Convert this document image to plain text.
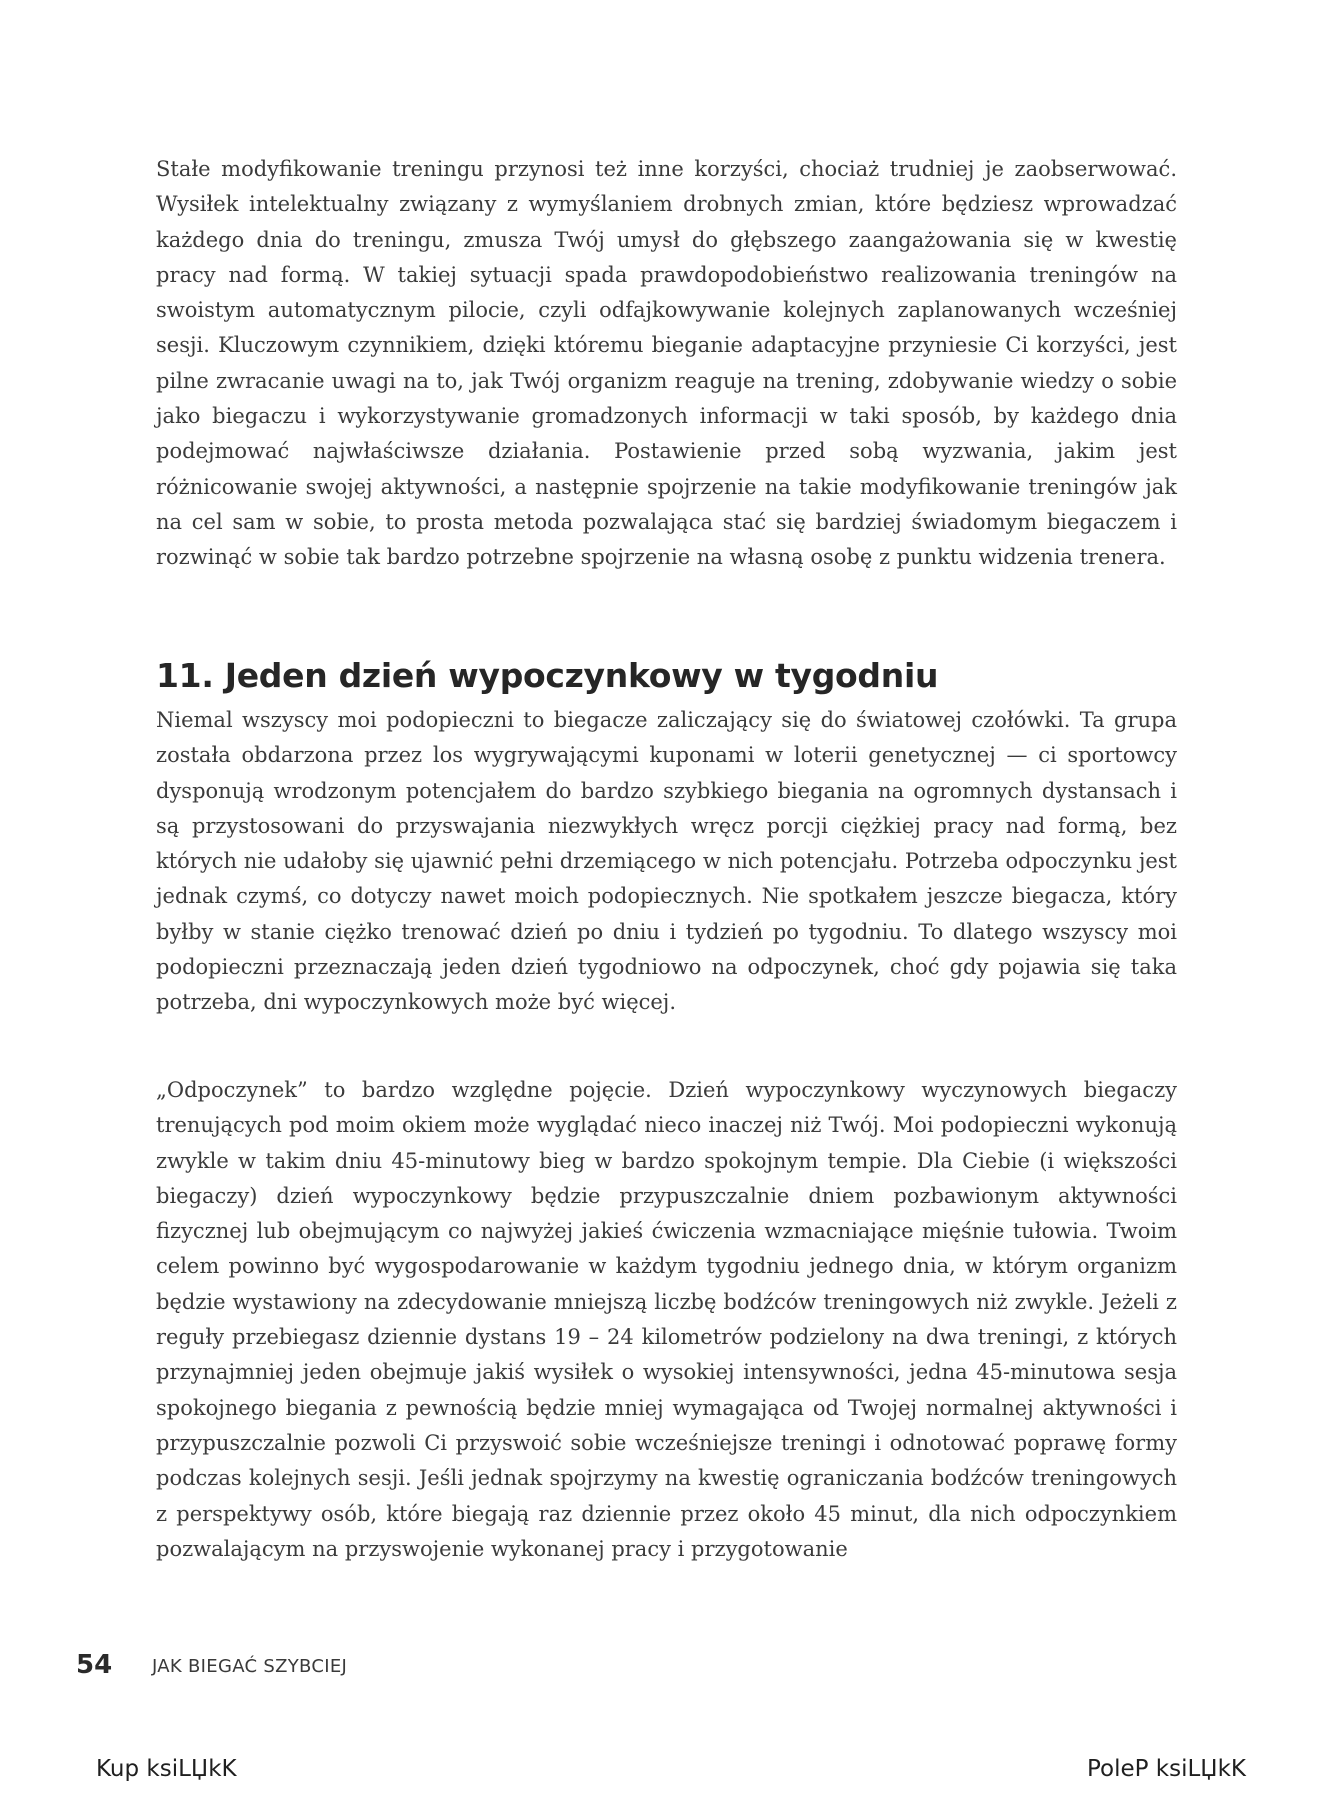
Stałe modyfikowanie treningu przynosi też inne korzyści, chociaż trudniej je zaobserwować. Wysiłek intelektualny związany z wymyślaniem drobnych zmian, które będziesz wprowadzać każdego dnia do treningu, zmusza Twój umysł do głębszego zaangażowania się w kwestię pracy nad formą. W takiej sytuacji spada prawdopodobieństwo realizowania treningów na swoistym automatycznym pilocie, czyli odfajkowywanie kolejnych zaplanowanych wcześniej sesji. Kluczowym czynnikiem, dzięki któremu bieganie adaptacyjne przyniesie Ci korzyści, jest pilne zwracanie uwagi na to, jak Twój organizm reaguje na trening, zdobywanie wiedzy o sobie jako biegaczu i wykorzystywanie gromadzonych informacji w taki sposób, by każdego dnia podejmować najwłaściwsze działania. Postawienie przed sobą wyzwania, jakim jest różnicowanie swojej aktywności, a następnie spojrzenie na takie modyfikowanie treningów jak na cel sam w sobie, to prosta metoda pozwalająca stać się bardziej świadomym biegaczem i rozwinąć w sobie tak bardzo potrzebne spojrzenie na własną osobę z punktu widzenia trenera.

11. Jeden dzień wypoczynkowy w tygodniu

Niemal wszyscy moi podopieczni to biegacze zaliczający się do światowej czołówki. Ta grupa została obdarzona przez los wygrywającymi kuponami w loterii genetycznej — ci sportowcy dysponują wrodzonym potencjałem do bardzo szybkiego biegania na ogromnych dystansach i są przystosowani do przyswajania niezwykłych wręcz porcji ciężkiej pracy nad formą, bez których nie udałoby się ujawnić pełni drzemiącego w nich potencjału. Potrzeba odpoczynku jest jednak czymś, co dotyczy nawet moich podopiecznych. Nie spotkałem jeszcze biegacza, który byłby w stanie ciężko trenować dzień po dniu i tydzień po tygodniu. To dlatego wszyscy moi podopieczni przeznaczają jeden dzień tygodniowo na odpoczynek, choć gdy pojawia się taka potrzeba, dni wypoczynkowych może być więcej.

„Odpoczynek” to bardzo względne pojęcie. Dzień wypoczynkowy wyczynowych biegaczy trenujących pod moim okiem może wyglądać nieco inaczej niż Twój. Moi podopieczni wykonują zwykle w takim dniu 45-minutowy bieg w bardzo spokojnym tempie. Dla Ciebie (i większości biegaczy) dzień wypoczynkowy będzie przypuszczalnie dniem pozbawionym aktywności fizycznej lub obejmującym co najwyżej jakieś ćwiczenia wzmacniające mięśnie tułowia. Twoim celem powinno być wygospodarowanie w każdym tygodniu jednego dnia, w którym organizm będzie wystawiony na zdecydowanie mniejszą liczbę bodźców treningowych niż zwykle. Jeżeli z reguły przebiegasz dziennie dystans 19 – 24 kilometrów podzielony na dwa treningi, z których przynajmniej jeden obejmuje jakiś wysiłek o wysokiej intensywności, jedna 45-minutowa sesja spokojnego biegania z pewnością będzie mniej wymagająca od Twojej normalnej aktywności i przypuszczalnie pozwoli Ci przyswoić sobie wcześniejsze treningi i odnotować poprawę formy podczas kolejnych sesji. Jeśli jednak spojrzymy na kwestię ograniczania bodźców treningowych z perspektywy osób, które biegają raz dziennie przez około 45 minut, dla nich odpoczynkiem pozwalającym na przyswojenie wykonanej pracy i przygotowanie

54 JAK BIEGAĆ SZYBCIEJ
Kup ksiLЏkK	PoleP ksiLЏkK
